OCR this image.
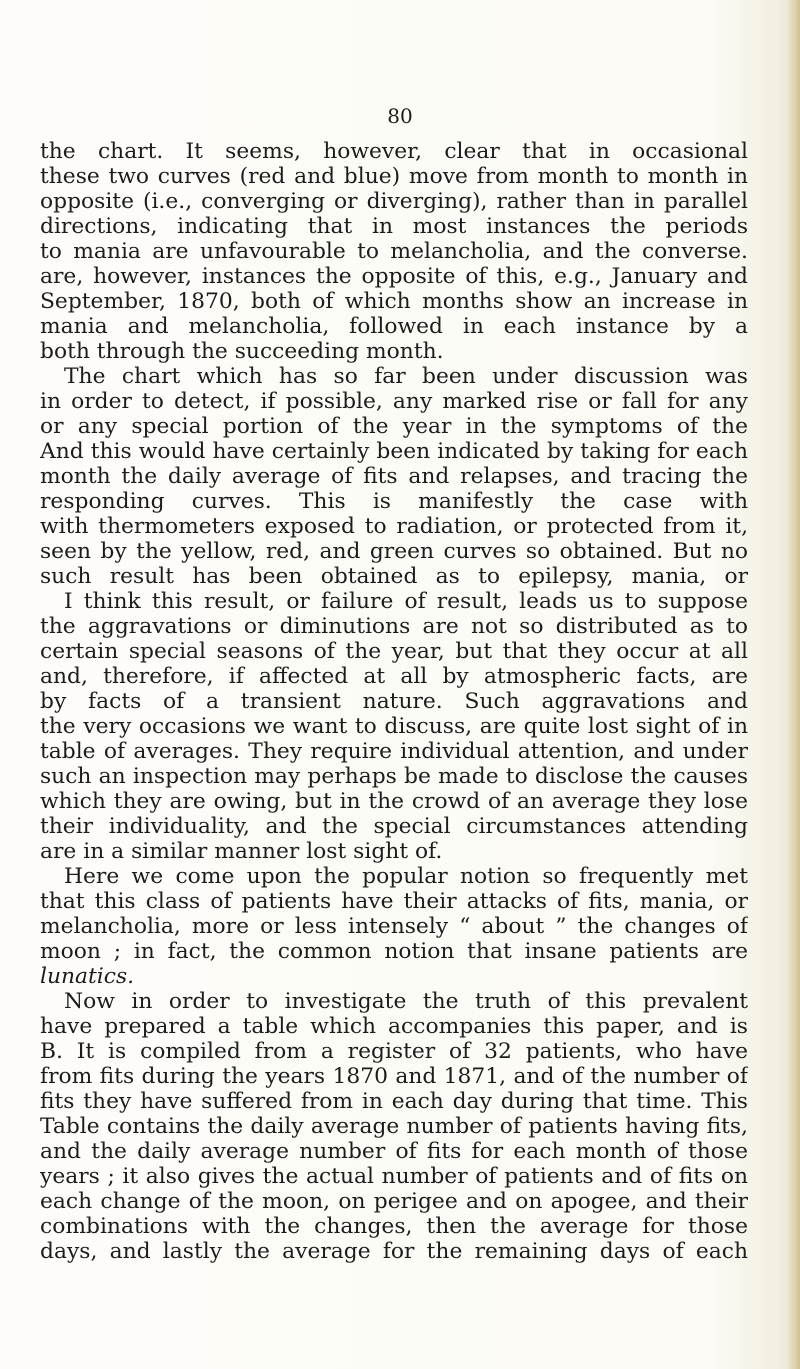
80
the chart. It seems, however, clear that in occasional
these two curves (red and blue) move from month to month in
opposite (i.e., converging or diverging), rather than in parallel
directions, indicating that in most instances the periods
to mania are unfavourable to melancholia, and the converse.
are, however, instances the opposite of this, e.g., January and
September, 1870, both of which months show an increase in
mania and melancholia, followed in each instance by a
both through the succeeding month.
The chart which has so far been under discussion was
in order to detect, if possible, any marked rise or fall for any
or any special portion of the year in the symptoms of the
And this would have certainly been indicated by taking for each
month the daily average of fits and relapses, and tracing the
responding curves. This is manifestly the case with
with thermometers exposed to radiation, or protected from it,
seen by the yellow, red, and green curves so obtained. But no
such result has been obtained as to epilepsy, mania, or
I think this result, or failure of result, leads us to suppose
the aggravations or diminutions are not so distributed as to
certain special seasons of the year, but that they occur at all
and, therefore, if affected at all by atmospheric facts, are
by facts of a transient nature. Such aggravations and
the very occasions we want to discuss, are quite lost sight of in
table of averages. They require individual attention, and under
such an inspection may perhaps be made to disclose the causes
which they are owing, but in the crowd of an average they lose
their individuality, and the special circumstances attending
are in a similar manner lost sight of.
Here we come upon the popular notion so frequently met
that this class of patients have their attacks of fits, mania, or
melancholia, more or less intensely “ about ” the changes of
moon ; in fact, the common notion that insane patients are
lunatics.
Now in order to investigate the truth of this prevalent
have prepared a table which accompanies this paper, and is
B. It is compiled from a register of 32 patients, who have
from fits during the years 1870 and 1871, and of the number of
fits they have suffered from in each day during that time. This
Table contains the daily average number of patients having fits,
and the daily average number of fits for each month of those
years ; it also gives the actual number of patients and of fits on
each change of the moon, on perigee and on apogee, and their
combinations with the changes, then the average for those
days, and lastly the average for the remaining days of each
